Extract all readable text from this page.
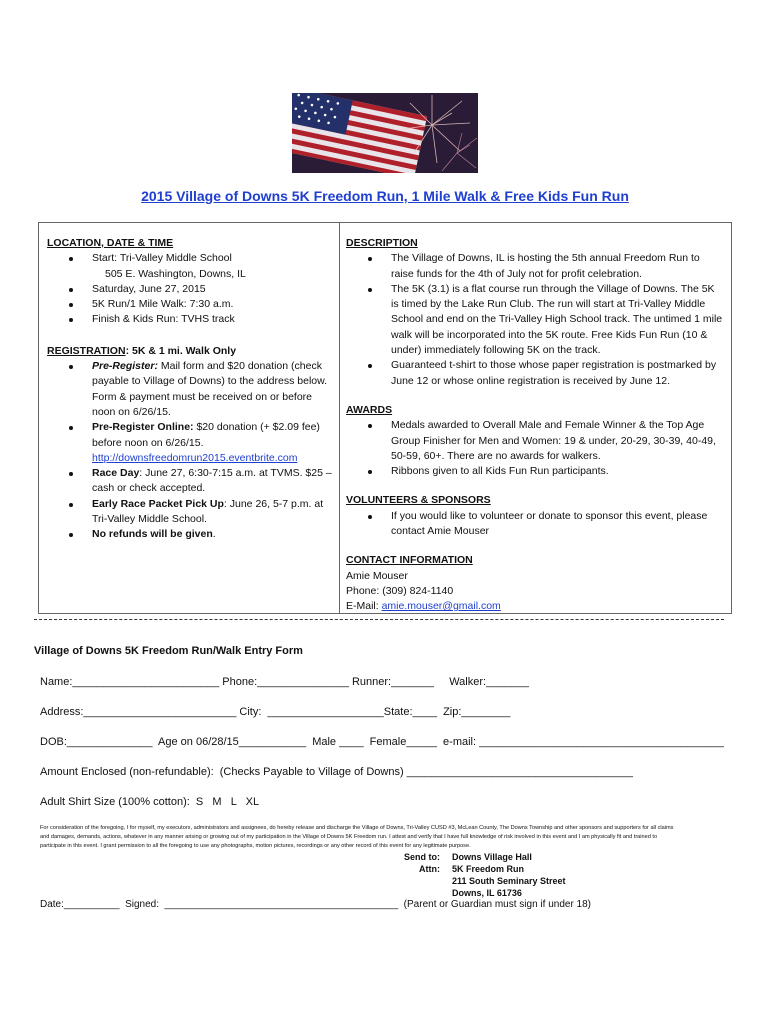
2015 Village of Downs 5K Freedom Run, 1 Mile Walk & Free Kids Fun Run
LOCATION, DATE & TIME
Start: Tri-Valley Middle School
505 E. Washington, Downs, IL
Saturday, June 27, 2015
5K Run/1 Mile Walk: 7:30 a.m.
Finish & Kids Run: TVHS track
REGISTRATION: 5K & 1 mi. Walk Only
Pre-Register: Mail form and $20 donation (check payable to Village of Downs) to the address below. Form & payment must be received on or before noon on 6/26/15.
Pre-Register Online: $20 donation (+ $2.09 fee) before noon on 6/26/15.
http://downsfreedomrun2015.eventbrite.com
Race Day: June 27, 6:30-7:15 a.m. at TVMS. $25 – cash or check accepted.
Early Race Packet Pick Up: June 26, 5-7 p.m. at Tri-Valley Middle School.
No refunds will be given.
DESCRIPTION
The Village of Downs, IL is hosting the 5th annual Freedom Run to raise funds for the 4th of July not for profit celebration.
The 5K (3.1) is a flat course run through the Village of Downs. The 5K is timed by the Lake Run Club. The run will start at Tri-Valley Middle School and end on the Tri-Valley High School track. The untimed 1 mile walk will be incorporated into the 5K route. Free Kids Fun Run (10 & under) immediately following 5K on the track.
Guaranteed t-shirt to those whose paper registration is postmarked by June 12 or whose online registration is received by June 12.
AWARDS
Medals awarded to Overall Male and Female Winner & the Top Age Group Finisher for Men and Women: 19 & under, 20-29, 30-39, 40-49, 50-59, 60+. There are no awards for walkers.
Ribbons given to all Kids Fun Run participants.
VOLUNTEERS & SPONSORS
If you would like to volunteer or donate to sponsor this event, please contact Amie Mouser
CONTACT INFORMATION
Amie Mouser
Phone: (309) 824-1140
E-Mail: amie.mouser@gmail.com
Village of Downs 5K Freedom Run/Walk Entry Form
Name:________________________ Phone:_______________ Runner:_______     Walker:_______
Address:_________________________ City:  ___________________State:____  Zip:________
DOB:______________  Age on 06/28/15___________  Male ____  Female_____  e-mail: ________________________________________
Amount Enclosed (non-refundable):  (Checks Payable to Village of Downs) _____________________________________
Adult Shirt Size (100% cotton):  S   M   L   XL
For consideration of the foregoing, I for myself, my executors, administrators and assignees, do hereby release and discharge the Village of Downs, Tri-Valley CUSD #3, McLean County, The Downs Township and other sponsors and supporters for all claims and damages, demands, actions, whatever in any manner arising or growing out of my participation in the Village of Downs 5K Freedom run. I attest and verify that I have full knowledge of risk involved in this event and I am physically fit and trained to participate in this event. I grant permission to all the foregoing to use any photographs, motion pictures, recordings or any other record of this event for any legitimate purpose.
Send to:
Attn:
Downs Village Hall
5K Freedom Run
211 South Seminary Street
Downs, IL 61736
Date:__________  Signed:  __________________________________________  (Parent or Guardian must sign if under 18)
